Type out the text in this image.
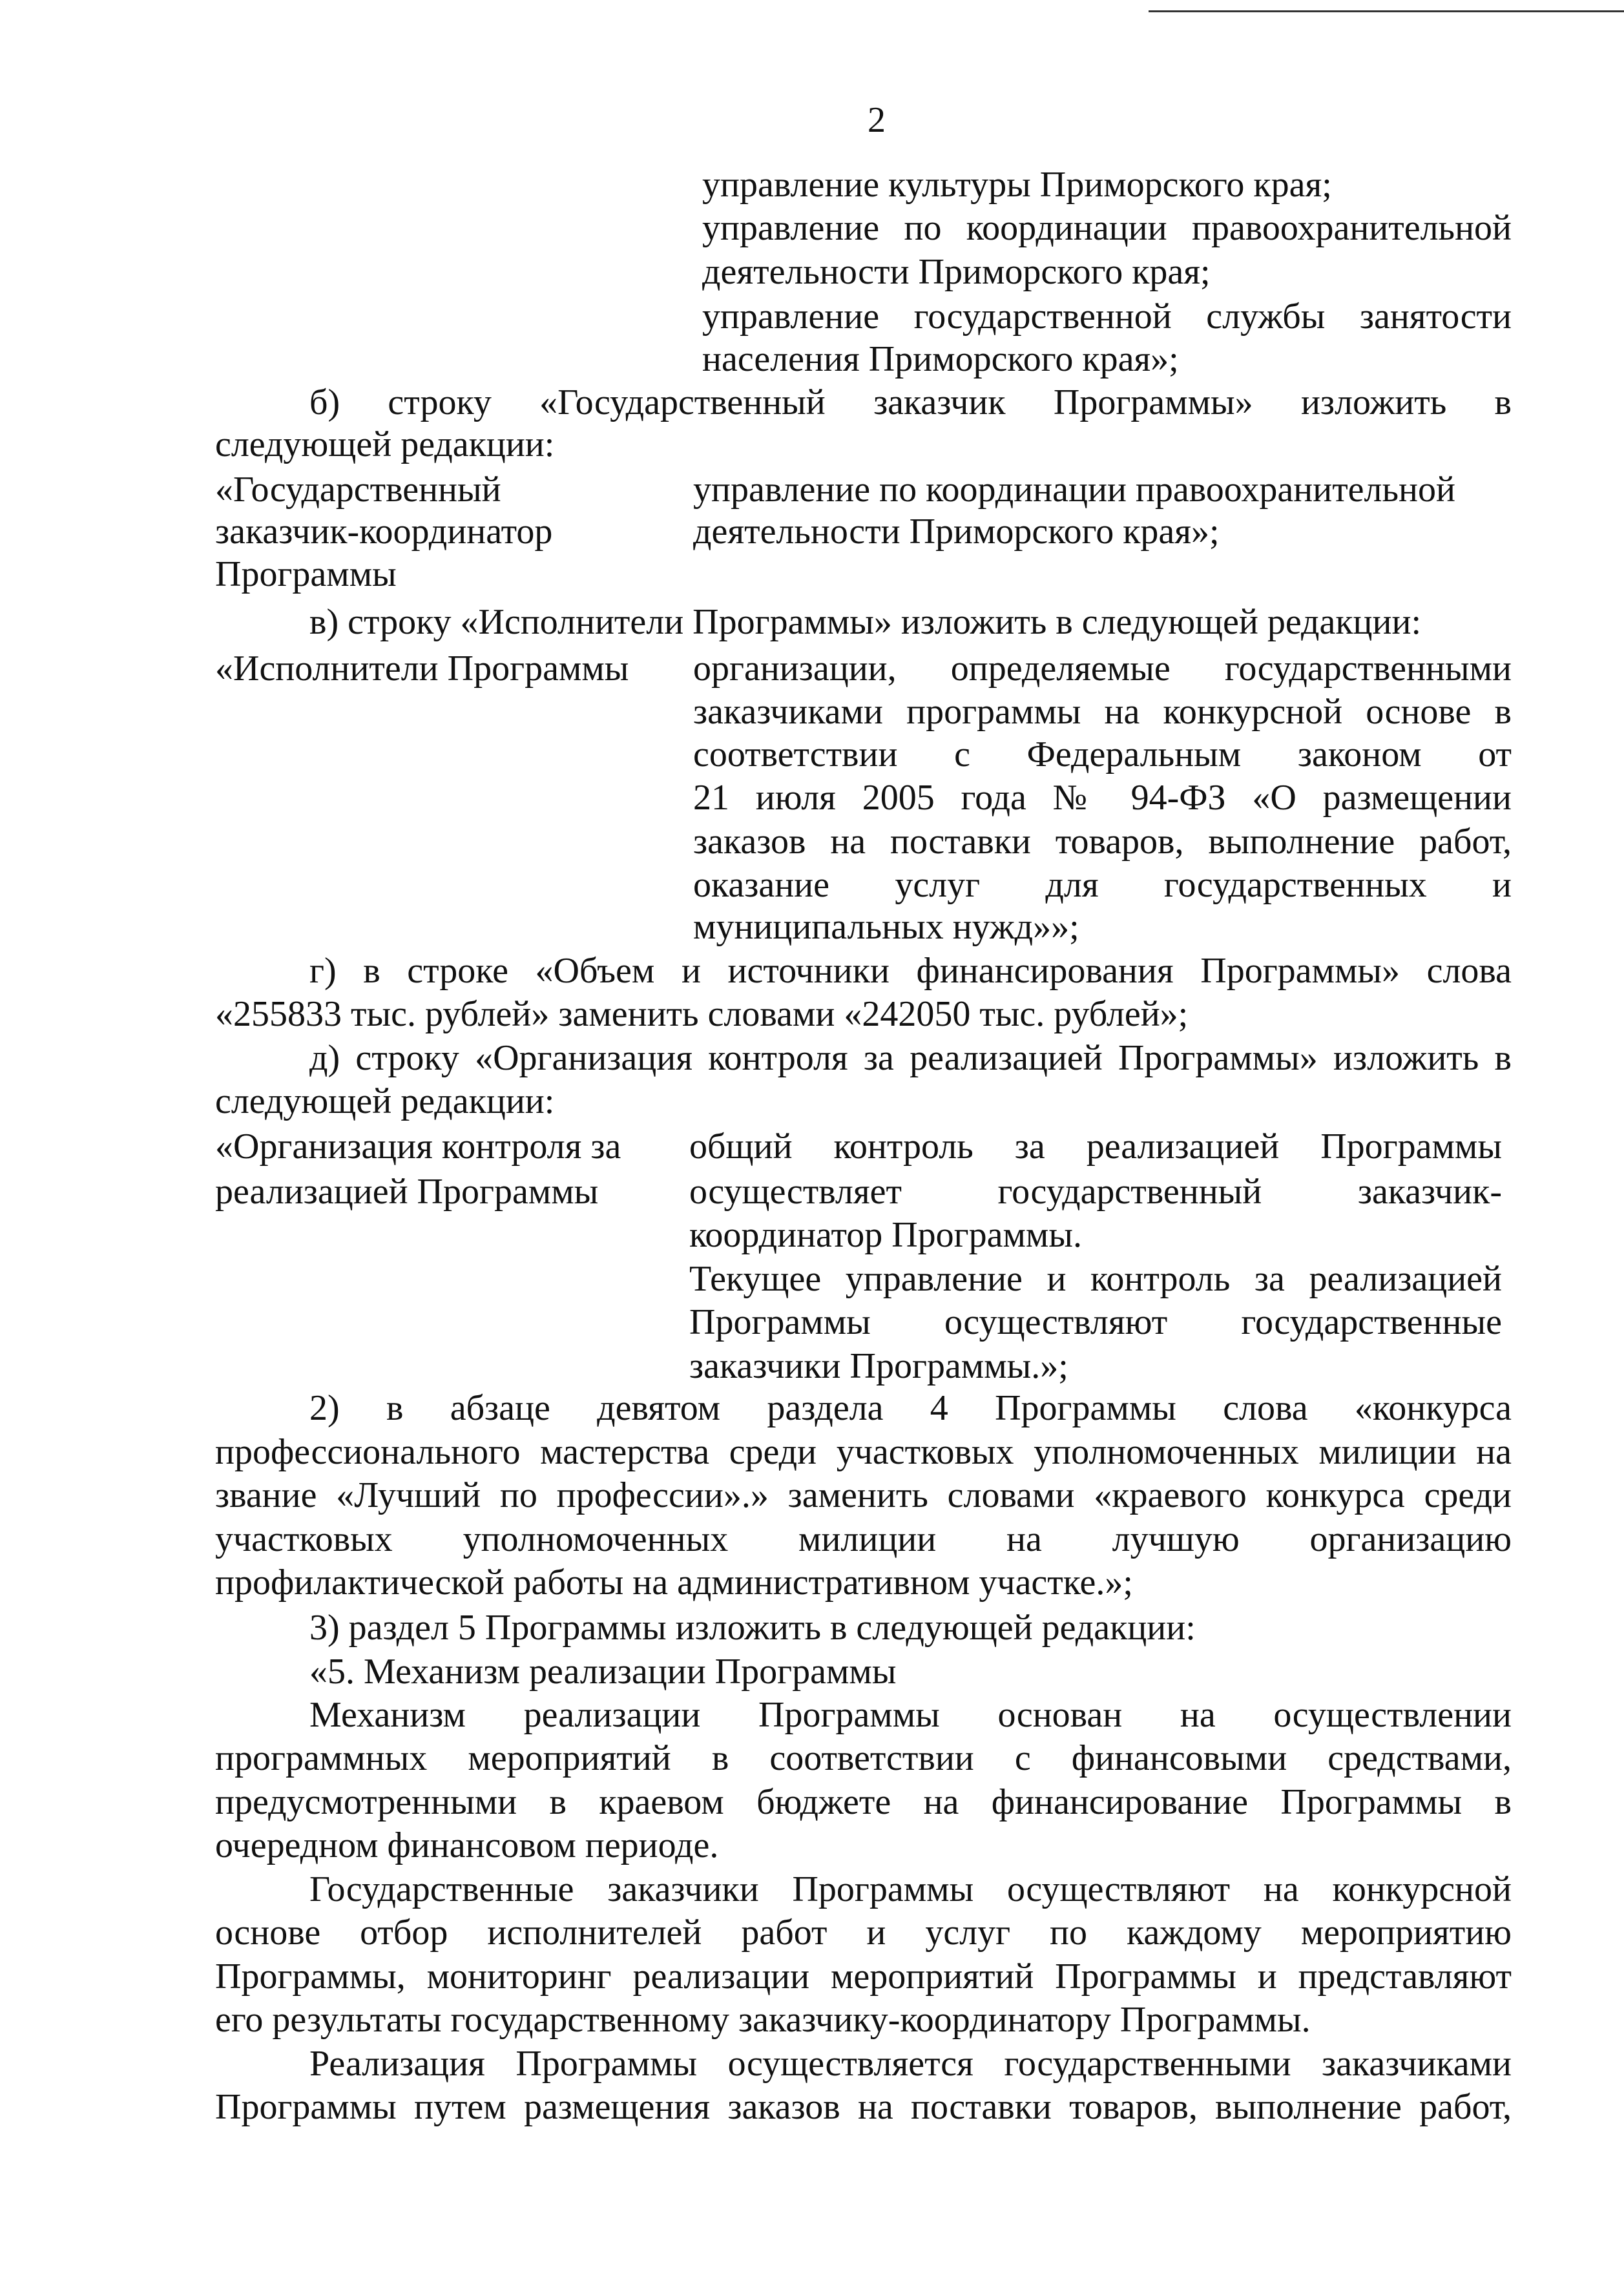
2
управление культуры Приморского края;
управление по координации правоохранительной
деятельности Приморского края;
управление государственной службы занятости
населения Приморского края»;
б) строку «Государственный заказчик Программы» изложить в
следующей редакции:
«Государственный	управление по координации правоохранительной
заказчик-координатор	деятельности Приморского края»;
Программы
в) строку «Исполнители Программы» изложить в следующей редакции:
«Исполнители Программы	организации, определяемые государственными
заказчиками программы на конкурсной основе в
соответствии с Федеральным законом от
21 июля 2005 года № 94-ФЗ «О размещении
заказов на поставки товаров, выполнение работ,
оказание услуг для государственных и
муниципальных нужд»»;
г) в строке «Объем и источники финансирования Программы» слова
«255833 тыс. рублей» заменить словами «242050 тыс. рублей»;
д) строку «Организация контроля за реализацией Программы» изложить в
следующей редакции:
«Организация контроля за	общий контроль за реализацией Программы
реализацией Программы	осуществляет государственный заказчик-
координатор Программы.
Текущее управление и контроль за реализацией
Программы осуществляют государственные
заказчики Программы.»;
2) в абзаце девятом раздела 4 Программы слова «конкурса
профессионального мастерства среди участковых уполномоченных милиции на
звание «Лучший по профессии».» заменить словами «краевого конкурса среди
участковых уполномоченных милиции на лучшую организацию
профилактической работы на административном участке.»;
3) раздел 5 Программы изложить в следующей редакции:
«5. Механизм реализации Программы
Механизм реализации Программы основан на осуществлении
программных мероприятий в соответствии с финансовыми средствами,
предусмотренными в краевом бюджете на финансирование Программы в
очередном финансовом периоде.
Государственные заказчики Программы осуществляют на конкурсной
основе отбор исполнителей работ и услуг по каждому мероприятию
Программы, мониторинг реализации мероприятий Программы и представляют
его результаты государственному заказчику-координатору Программы.
Реализация Программы осуществляется государственными заказчиками
Программы путем размещения заказов на поставки товаров, выполнение работ,
